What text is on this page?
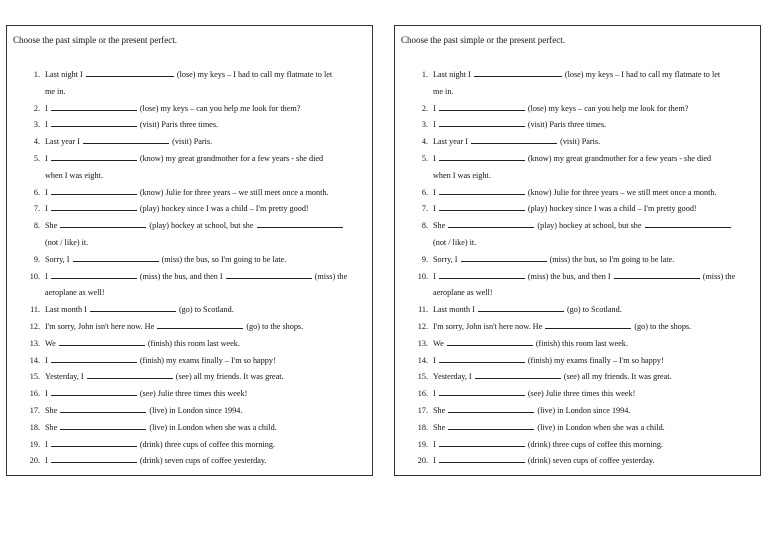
Choose the past simple or the present perfect.
1. Last night I	(lose) my keys – I had to call my flatmate to let
me in.
2. I	(lose) my keys – can you help me look for them?
3. I	(visit) Paris three times.
4. Last year I	(visit) Paris.
5. I	(know) my great grandmother for a few years - she died
when I was eight.
6. I	(know) Julie for three years – we still meet once a month.
7. I	(play) hockey since I was a child – I'm pretty good!
8. She	(play) hockey at school, but she
(not / like) it.
9. Sorry, I	(miss) the bus, so I'm going to be late.
10. I	(miss) the bus, and then I	(miss) the
aeroplane as well!
11. Last month I	(go) to Scotland.
12. I'm sorry, John isn't here now. He	(go) to the shops.
13. We	(finish) this room last week.
14. I	(finish) my exams finally – I'm so happy!
15. Yesterday, I	(see) all my friends. It was great.
16. I	(see) Julie three times this week!
17. She	(live) in London since 1994.
18. She	(live) in London when she was a child.
19. I	(drink) three cups of coffee this morning.
20. I	(drink) seven cups of coffee yesterday.
Choose the past simple or the present perfect.
1. Last night I	(lose) my keys – I had to call my flatmate to let
me in.
2. I	(lose) my keys – can you help me look for them?
3. I	(visit) Paris three times.
4. Last year I	(visit) Paris.
5. I	(know) my great grandmother for a few years - she died
when I was eight.
6. I	(know) Julie for three years – we still meet once a month.
7. I	(play) hockey since I was a child – I'm pretty good!
8. She	(play) hockey at school, but she
(not / like) it.
9. Sorry, I	(miss) the bus, so I'm going to be late.
10. I	(miss) the bus, and then I	(miss) the
aeroplane as well!
11. Last month I	(go) to Scotland.
12. I'm sorry, John isn't here now. He	(go) to the shops.
13. We	(finish) this room last week.
14. I	(finish) my exams finally – I'm so happy!
15. Yesterday, I	(see) all my friends. It was great.
16. I	(see) Julie three times this week!
17. She	(live) in London since 1994.
18. She	(live) in London when she was a child.
19. I	(drink) three cups of coffee this morning.
20. I	(drink) seven cups of coffee yesterday.
